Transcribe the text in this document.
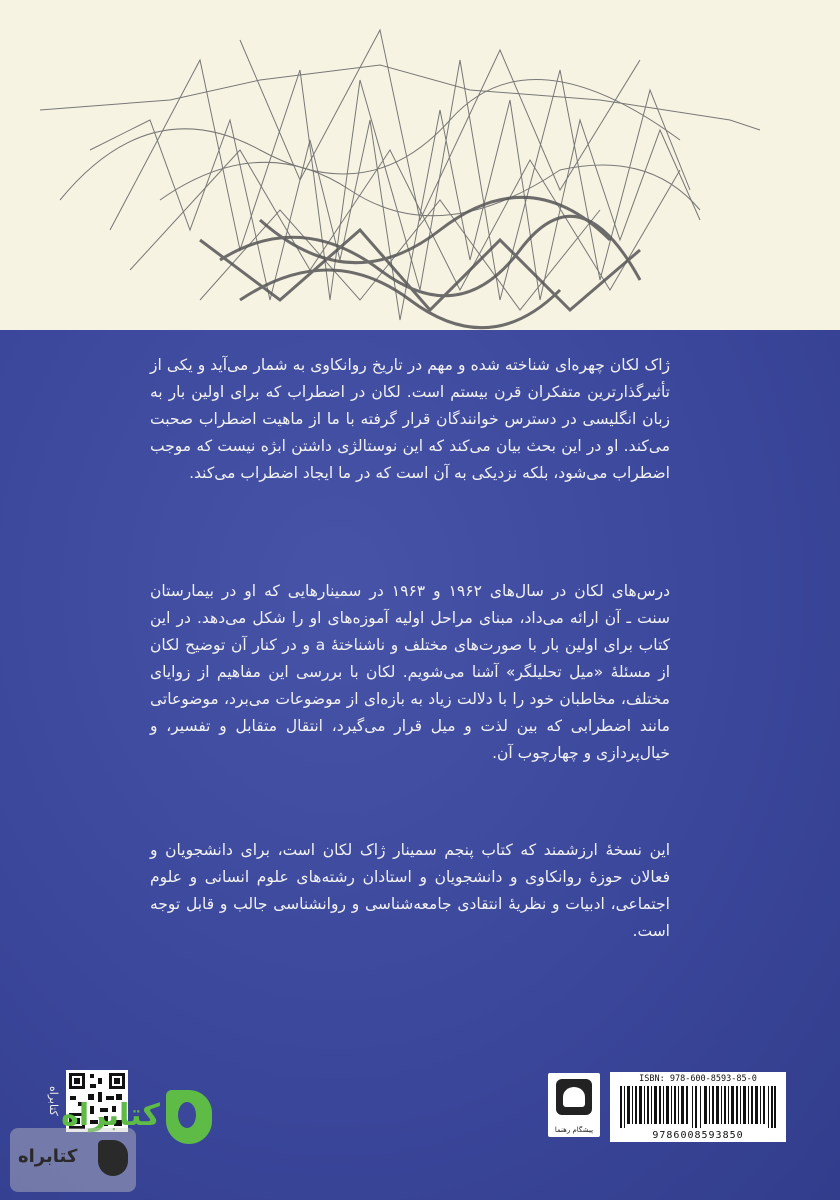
ژاک لکان چهره‌ای شناخته شده و مهم در تاریخ روانکاوی به شمار می‌آید و یکی از تأثیرگذارترین متفکران قرن بیستم است. لکان در اضطراب که برای اولین بار به زبان انگلیسی در دسترس خوانندگان قرار گرفته با ما از ماهیت اضطراب صحبت می‌کند. او در این بحث بیان می‌کند که این نوستالژی داشتن ابژه نیست که موجب اضطراب می‌شود، بلکه نزدیکی به آن است که در ما ایجاد اضطراب می‌کند.

درس‌های لکان در سال‌های ۱۹۶۲ و ۱۹۶۳ در سمینارهایی که او در بیمارستان سنت ـ آن ارائه می‌داد، مبنای مراحل اولیه آموزه‌های او را شکل می‌دهد. در این کتاب برای اولین بار با صورت‌های مختلف و ناشناختهٔ a و در کنار آن توضیح لکان از مسئلهٔ «میل تحلیلگر» آشنا می‌شویم. لکان با بررسی این مفاهیم از زوایای مختلف، مخاطبان خود را با دلالت زیاد به بازه‌ای از موضوعات می‌برد، موضوعاتی مانند اضطرابی که بین لذت و میل قرار می‌گیرد، انتقال متقابل و تفسیر، و خیال‌پردازی و چهارچوب آن.

این نسخهٔ ارزشمند که کتاب پنجم سمینار ژاک لکان است، برای دانشجویان و فعالان حوزهٔ روانکاوی و دانشجویان و استادان رشته‌های علوم انسانی و علوم اجتماعی، ادبیات و نظریهٔ انتقادی جامعه‌شناسی و روانشناسی جالب و قابل توجه است.

کتابراه
پیشگام رهنما
ISBN: 978-600-8593-85-0
9786008593850
کتابراه
کتابراه
